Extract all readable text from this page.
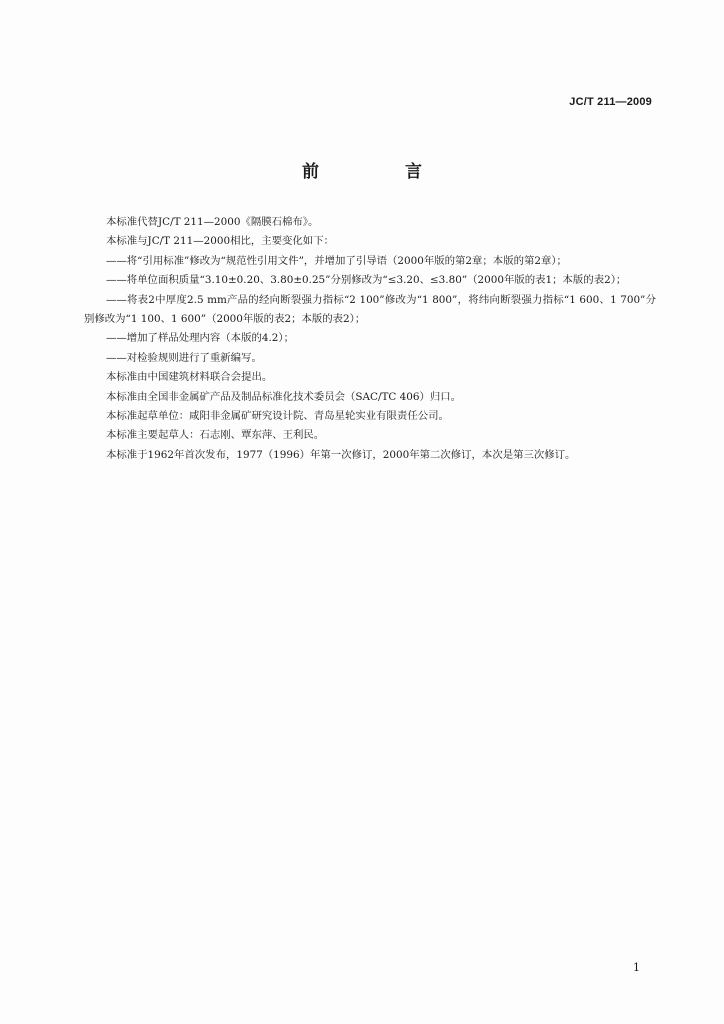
JC/T 211—2009
前 言

本标准代替JC/T 211—2000《隔膜石棉布》。

本标准与JC/T 211—2000相比，主要变化如下：

——将“引用标准”修改为“规范性引用文件”，并增加了引导语（2000年版的第2章；本版的第2章）；

——将单位面积质量“3.10±0.20、3.80±0.25”分别修改为“≤3.20、≤3.80”（2000年版的表1；本版的表2）；

——将表2中厚度2.5 mm产品的经向断裂强力指标“2 100”修改为“1 800”，将纬向断裂强力指标“1 600、1 700”分别修改为“1 100、1 600”（2000年版的表2；本版的表2）；

——增加了样品处理内容（本版的4.2）；

——对检验规则进行了重新编写。

本标准由中国建筑材料联合会提出。

本标准由全国非金属矿产品及制品标准化技术委员会（SAC/TC 406）归口。

本标准起草单位：咸阳非金属矿研究设计院、青岛星轮实业有限责任公司。

本标准主要起草人：石志刚、覃东萍、王利民。

本标准于1962年首次发布，1977（1996）年第一次修订，2000年第二次修订，本次是第三次修订。

1
